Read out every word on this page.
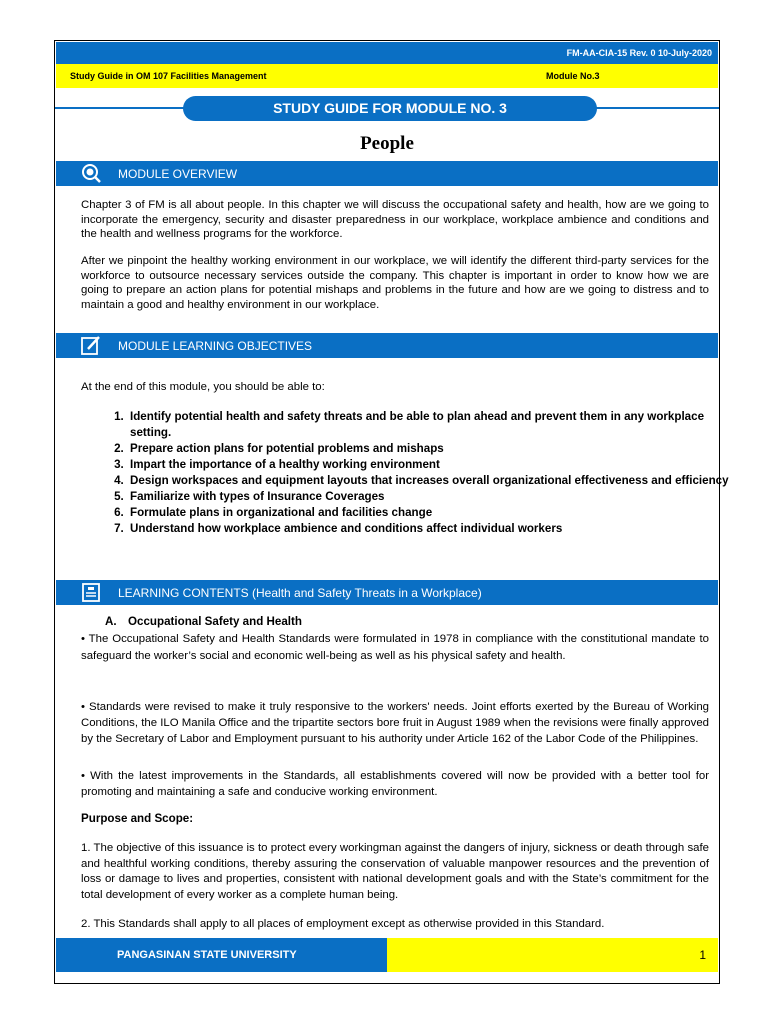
FM-AA-CIA-15 Rev. 0 10-July-2020
Study Guide in OM 107 Facilities Management	Module No.3
STUDY GUIDE FOR MODULE NO. 3
People
MODULE OVERVIEW

Chapter 3 of FM is all about people. In this chapter we will discuss the occupational safety and health, how are we going to incorporate the emergency, security and disaster preparedness in our workplace, workplace ambience and conditions and the health and wellness programs for the workforce.

After we pinpoint the healthy working environment in our workplace, we will identify the different third-party services for the workforce to outsource necessary services outside the company. This chapter is important in order to know how we are going to prepare an action plans for potential mishaps and problems in the future and how are we going to distress and to maintain a good and healthy environment in our workplace.

MODULE LEARNING OBJECTIVES

At the end of this module, you should be able to:

1. Identify potential health and safety threats and be able to plan ahead and prevent them in any workplace setting.
2. Prepare action plans for potential problems and mishaps
3. Impart the importance of a healthy working environment
4. Design workspaces and equipment layouts that increases overall organizational effectiveness and efficiency
5. Familiarize with types of Insurance Coverages
6. Formulate plans in organizational and facilities change
7. Understand how workplace ambience and conditions affect individual workers
LEARNING CONTENTS (Health and Safety Threats in a Workplace)
A. Occupational Safety and Health

• The Occupational Safety and Health Standards were formulated in 1978 in compliance with the constitutional mandate to safeguard the worker’s social and economic well-being as well as his physical safety and health.

• Standards were revised to make it truly responsive to the workers' needs. Joint efforts exerted by the Bureau of Working Conditions, the ILO Manila Office and the tripartite sectors bore fruit in August 1989 when the revisions were finally approved by the Secretary of Labor and Employment pursuant to his authority under Article 162 of the Labor Code of the Philippines.

• With the latest improvements in the Standards, all establishments covered will now be provided with a better tool for promoting and maintaining a safe and conducive working environment.

Purpose and Scope:

1. The objective of this issuance is to protect every workingman against the dangers of injury, sickness or death through safe and healthful working conditions, thereby assuring the conservation of valuable manpower resources and the prevention of loss or damage to lives and properties, consistent with national development goals and with the State’s commitment for the total development of every worker as a complete human being.

2. This Standards shall apply to all places of employment except as otherwise provided in this Standard.

PANGASINAN STATE UNIVERSITY	1
